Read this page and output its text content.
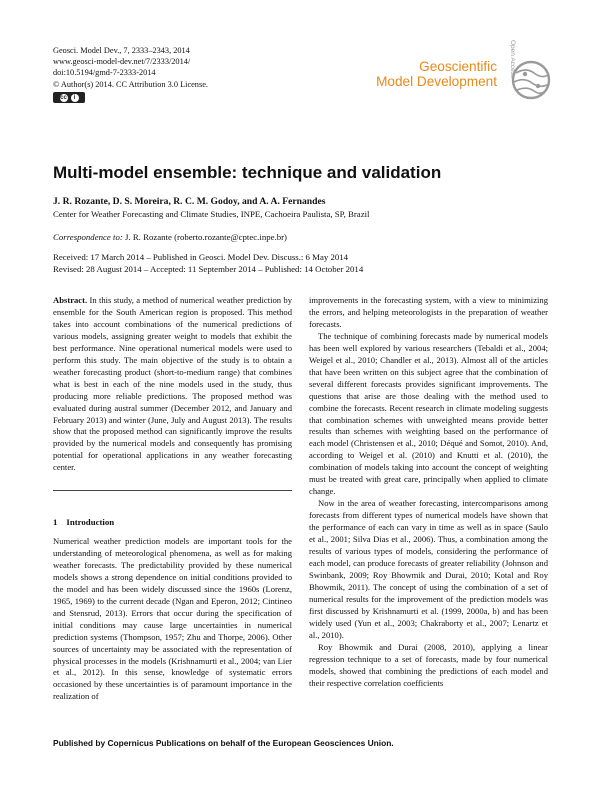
Geosci. Model Dev., 7, 2333–2343, 2014
www.geosci-model-dev.net/7/2333/2014/
doi:10.5194/gmd-7-2333-2014
© Author(s) 2014. CC Attribution 3.0 License.
cc	i
Geoscientific
Model Development
Open Access
Multi-model ensemble: technique and validation
J. R. Rozante, D. S. Moreira, R. C. M. Godoy, and A. A. Fernandes
Center for Weather Forecasting and Climate Studies, INPE, Cachoeira Paulista, SP, Brazil
Correspondence to: J. R. Rozante (roberto.rozante@cptec.inpe.br)
Received: 17 March 2014 – Published in Geosci. Model Dev. Discuss.: 6 May 2014
Revised: 28 August 2014 – Accepted: 11 September 2014 – Published: 14 October 2014

Abstract. In this study, a method of numerical weather prediction by ensemble for the South American region is proposed. This method takes into account combinations of the numerical predictions of various models, assigning greater weight to models that exhibit the best performance. Nine operational numerical models were used to perform this study. The main objective of the study is to obtain a weather forecasting product (short-to-medium range) that combines what is best in each of the nine models used in the study, thus producing more reliable predictions. The proposed method was evaluated during austral summer (December 2012, and January and February 2013) and winter (June, July and August 2013). The results show that the proposed method can significantly improve the results provided by the numerical models and consequently has promising potential for operational applications in any weather forecasting center.

1 Introduction

Numerical weather prediction models are important tools for the understanding of meteorological phenomena, as well as for making weather forecasts. The predictability provided by these numerical models shows a strong dependence on initial conditions provided to the model and has been widely discussed since the 1960s (Lorenz, 1965, 1969) to the current decade (Ngan and Eperon, 2012; Cintineo and Stensrud, 2013). Errors that occur during the specification of initial conditions may cause large uncertainties in numerical prediction systems (Thompson, 1957; Zhu and Thorpe, 2006). Other sources of uncertainty may be associated with the representation of physical processes in the models (Krishnamurti et al., 2004; van Lier et al., 2012). In this sense, knowledge of systematic errors occasioned by these uncertainties is of paramount importance in the realization of

improvements in the forecasting system, with a view to minimizing the errors, and helping meteorologists in the preparation of weather forecasts.

The technique of combining forecasts made by numerical models has been well explored by various researchers (Tebaldi et al., 2004; Weigel et al., 2010; Chandler et al., 2013). Almost all of the articles that have been written on this subject agree that the combination of several different forecasts provides significant improvements. The questions that arise are those dealing with the method used to combine the forecasts. Recent research in climate modeling suggests that combination schemes with unweighted means provide better results than schemes with weighting based on the performance of each model (Christensen et al., 2010; Déqué and Somot, 2010). And, according to Weigel et al. (2010) and Knutti et al. (2010), the combination of models taking into account the concept of weighting must be treated with great care, principally when applied to climate change.

Now in the area of weather forecasting, intercomparisons among forecasts from different types of numerical models have shown that the performance of each can vary in time as well as in space (Saulo et al., 2001; Silva Dias et al., 2006). Thus, a combination among the results of various types of models, considering the performance of each model, can produce forecasts of greater reliability (Johnson and Swinbank, 2009; Roy Bhowmik and Durai, 2010; Kotal and Roy Bhowmik, 2011). The concept of using the combination of a set of numerical results for the improvement of the prediction models was first discussed by Krishnamurti et al. (1999, 2000a, b) and has been widely used (Yun et al., 2003; Chakraborty et al., 2007; Lenartz et al., 2010).

Roy Bhowmik and Durai (2008, 2010), applying a linear regression technique to a set of forecasts, made by four numerical models, showed that combining the predictions of each model and their respective correlation coefficients

Published by Copernicus Publications on behalf of the European Geosciences Union.
